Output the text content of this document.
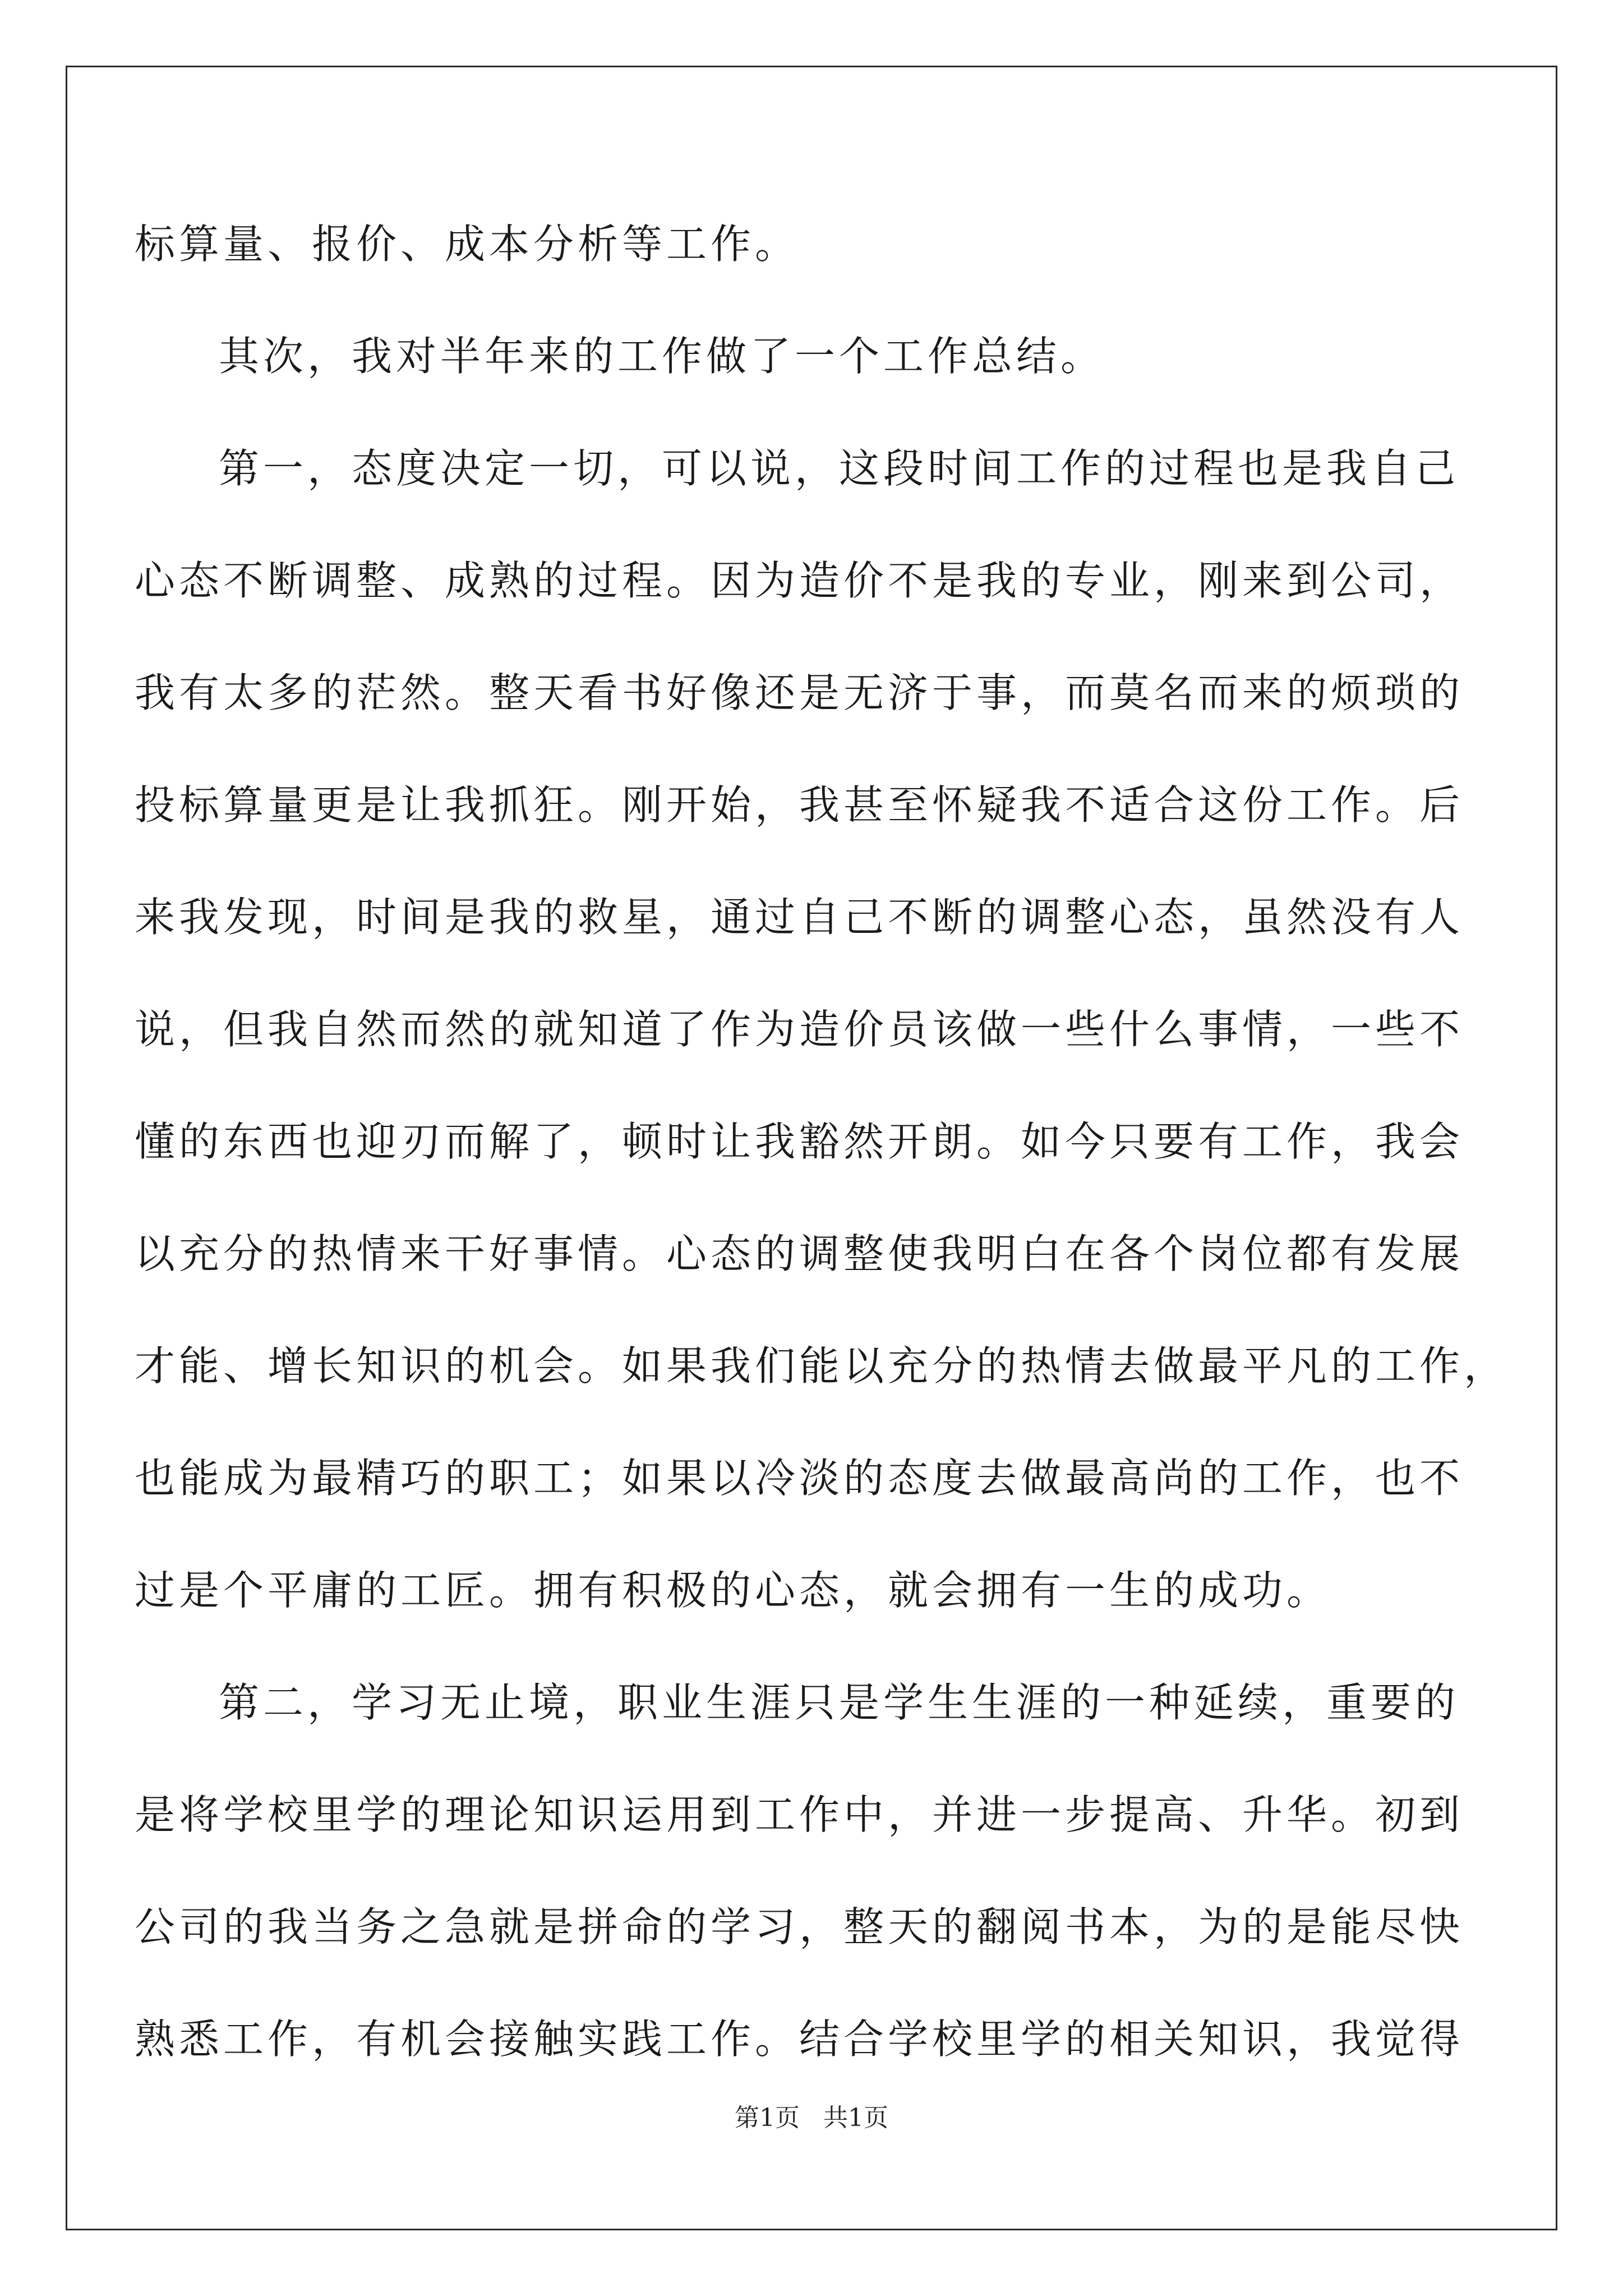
标算量、报价、成本分析等工作。
其次，我对半年来的工作做了一个工作总结。
第一，态度决定一切，可以说，这段时间工作的过程也是我自己
心态不断调整、成熟的过程。因为造价不是我的专业，刚来到公司，
我有太多的茫然。整天看书好像还是无济于事，而莫名而来的烦琐的
投标算量更是让我抓狂。刚开始，我甚至怀疑我不适合这份工作。后
来我发现，时间是我的救星，通过自己不断的调整心态，虽然没有人
说，但我自然而然的就知道了作为造价员该做一些什么事情，一些不
懂的东西也迎刃而解了，顿时让我豁然开朗。如今只要有工作，我会
以充分的热情来干好事情。心态的调整使我明白在各个岗位都有发展
才能、增长知识的机会。如果我们能以充分的热情去做最平凡的工作，
也能成为最精巧的职工；如果以冷淡的态度去做最高尚的工作，也不
过是个平庸的工匠。拥有积极的心态，就会拥有一生的成功。
第二，学习无止境，职业生涯只是学生生涯的一种延续，重要的
是将学校里学的理论知识运用到工作中，并进一步提高、升华。初到
公司的我当务之急就是拼命的学习，整天的翻阅书本，为的是能尽快
熟悉工作，有机会接触实践工作。结合学校里学的相关知识，我觉得
第1页   共1页
